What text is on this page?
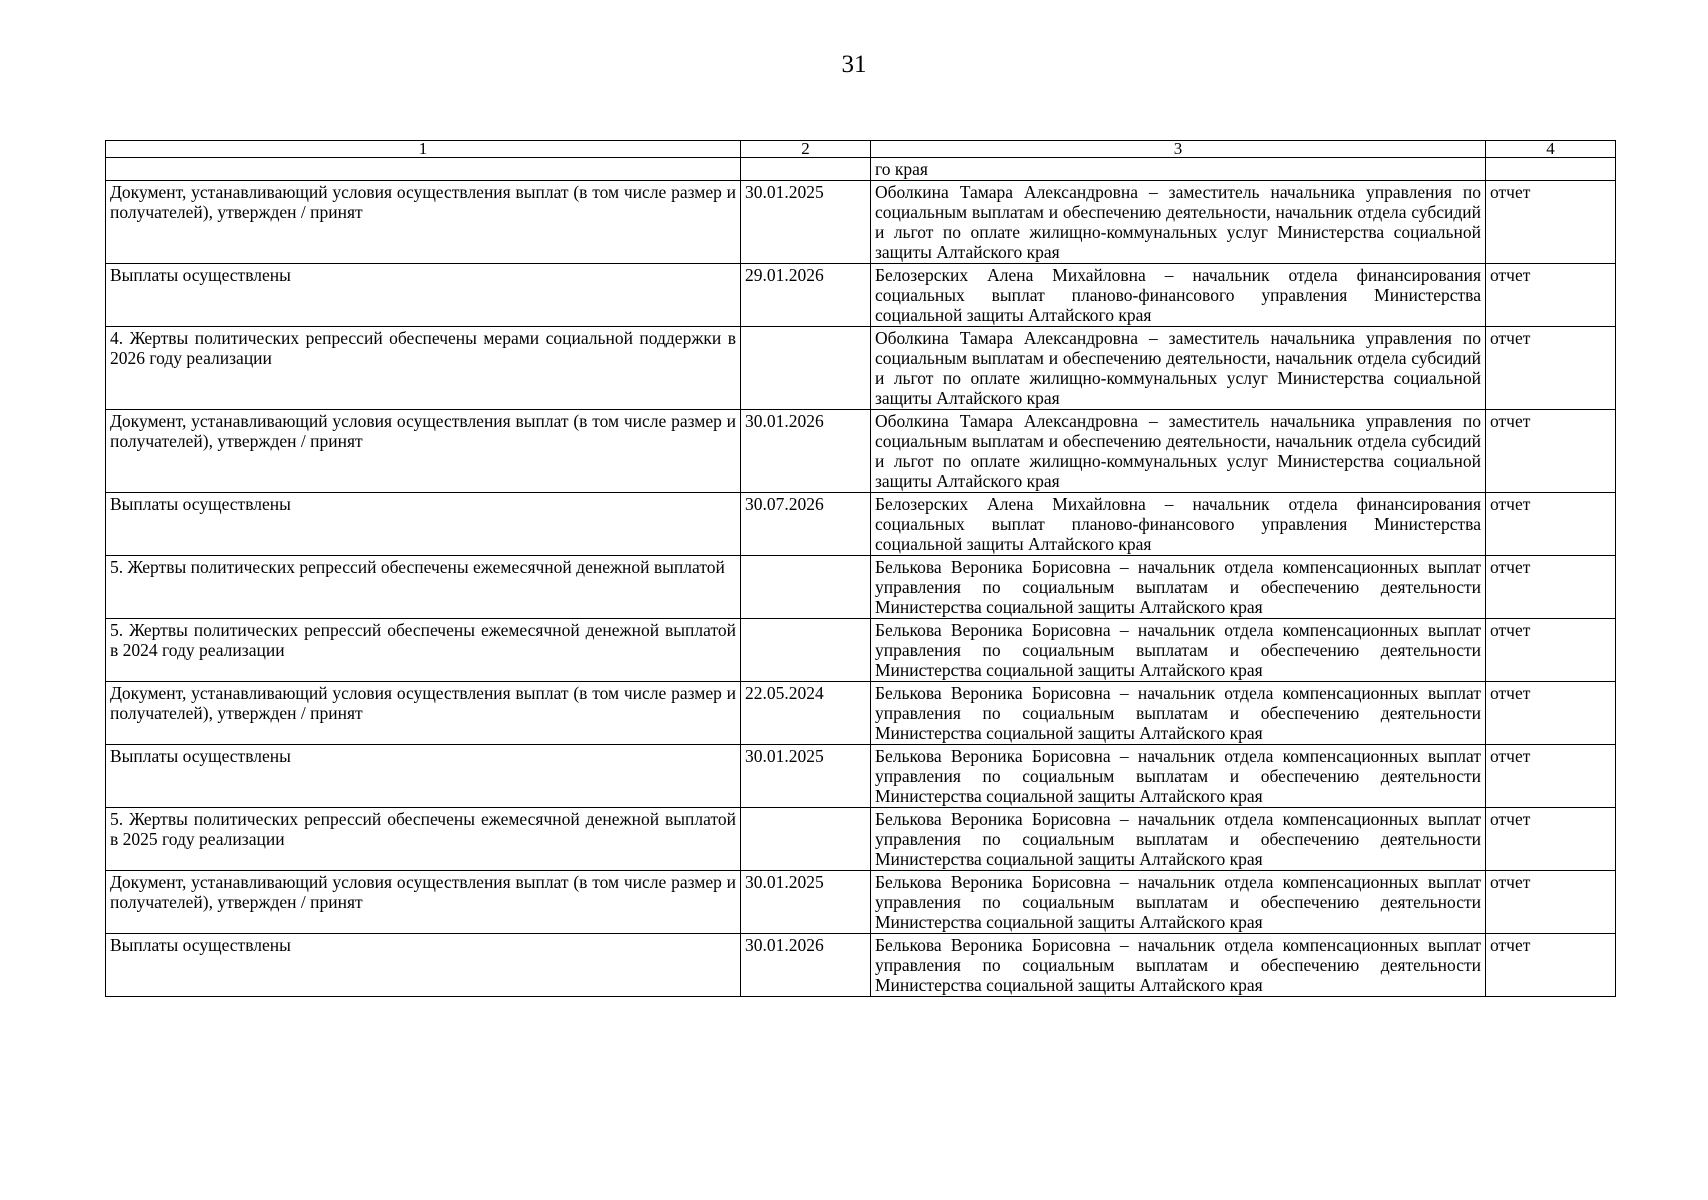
31
1	2	3	4
		го края	
Документ, устанавливающий условия осуществления выплат (в том числе размер и получателей), утвержден / принят	30.01.2025	Оболкина Тамара Александровна – заместитель начальника управления по социальным выплатам и обеспечению деятельности, начальник отдела субсидий и льгот по оплате жилищно-коммунальных услуг Министерства социальной защиты Алтайского края	отчет
Выплаты осуществлены	29.01.2026	Белозерских Алена Михайловна – начальник отдела финансирования социальных выплат планово-финансового управления Министерства социальной защиты Алтайского края	отчет
4. Жертвы политических репрессий обеспечены мерами социальной поддержки в 2026 году реализации		Оболкина Тамара Александровна – заместитель начальника управления по социальным выплатам и обеспечению деятельности, начальник отдела субсидий и льгот по оплате жилищно-коммунальных услуг Министерства социальной защиты Алтайского края	отчет
Документ, устанавливающий условия осуществления выплат (в том числе размер и получателей), утвержден / принят	30.01.2026	Оболкина Тамара Александровна – заместитель начальника управления по социальным выплатам и обеспечению деятельности, начальник отдела субсидий и льгот по оплате жилищно-коммунальных услуг Министерства социальной защиты Алтайского края	отчет
Выплаты осуществлены	30.07.2026	Белозерских Алена Михайловна – начальник отдела финансирования социальных выплат планово-финансового управления Министерства социальной защиты Алтайского края	отчет
5. Жертвы политических репрессий обеспечены ежемесячной денежной выплатой		Белькова Вероника Борисовна – начальник отдела компенсационных выплат управления по социальным выплатам и обеспечению деятельности Министерства социальной защиты Алтайского края	отчет
5. Жертвы политических репрессий обеспечены ежемесячной денежной выплатой в 2024 году реализации		Белькова Вероника Борисовна – начальник отдела компенсационных выплат управления по социальным выплатам и обеспечению деятельности Министерства социальной защиты Алтайского края	отчет
Документ, устанавливающий условия осуществления выплат (в том числе размер и получателей), утвержден / принят	22.05.2024	Белькова Вероника Борисовна – начальник отдела компенсационных выплат управления по социальным выплатам и обеспечению деятельности Министерства социальной защиты Алтайского края	отчет
Выплаты осуществлены	30.01.2025	Белькова Вероника Борисовна – начальник отдела компенсационных выплат управления по социальным выплатам и обеспечению деятельности Министерства социальной защиты Алтайского края	отчет
5. Жертвы политических репрессий обеспечены ежемесячной денежной выплатой в 2025 году реализации		Белькова Вероника Борисовна – начальник отдела компенсационных выплат управления по социальным выплатам и обеспечению деятельности Министерства социальной защиты Алтайского края	отчет
Документ, устанавливающий условия осуществления выплат (в том числе размер и получателей), утвержден / принят	30.01.2025	Белькова Вероника Борисовна – начальник отдела компенсационных выплат управления по социальным выплатам и обеспечению деятельности Министерства социальной защиты Алтайского края	отчет
Выплаты осуществлены	30.01.2026	Белькова Вероника Борисовна – начальник отдела компенсационных выплат управления по социальным выплатам и обеспечению деятельности Министерства социальной защиты Алтайского края	отчет
